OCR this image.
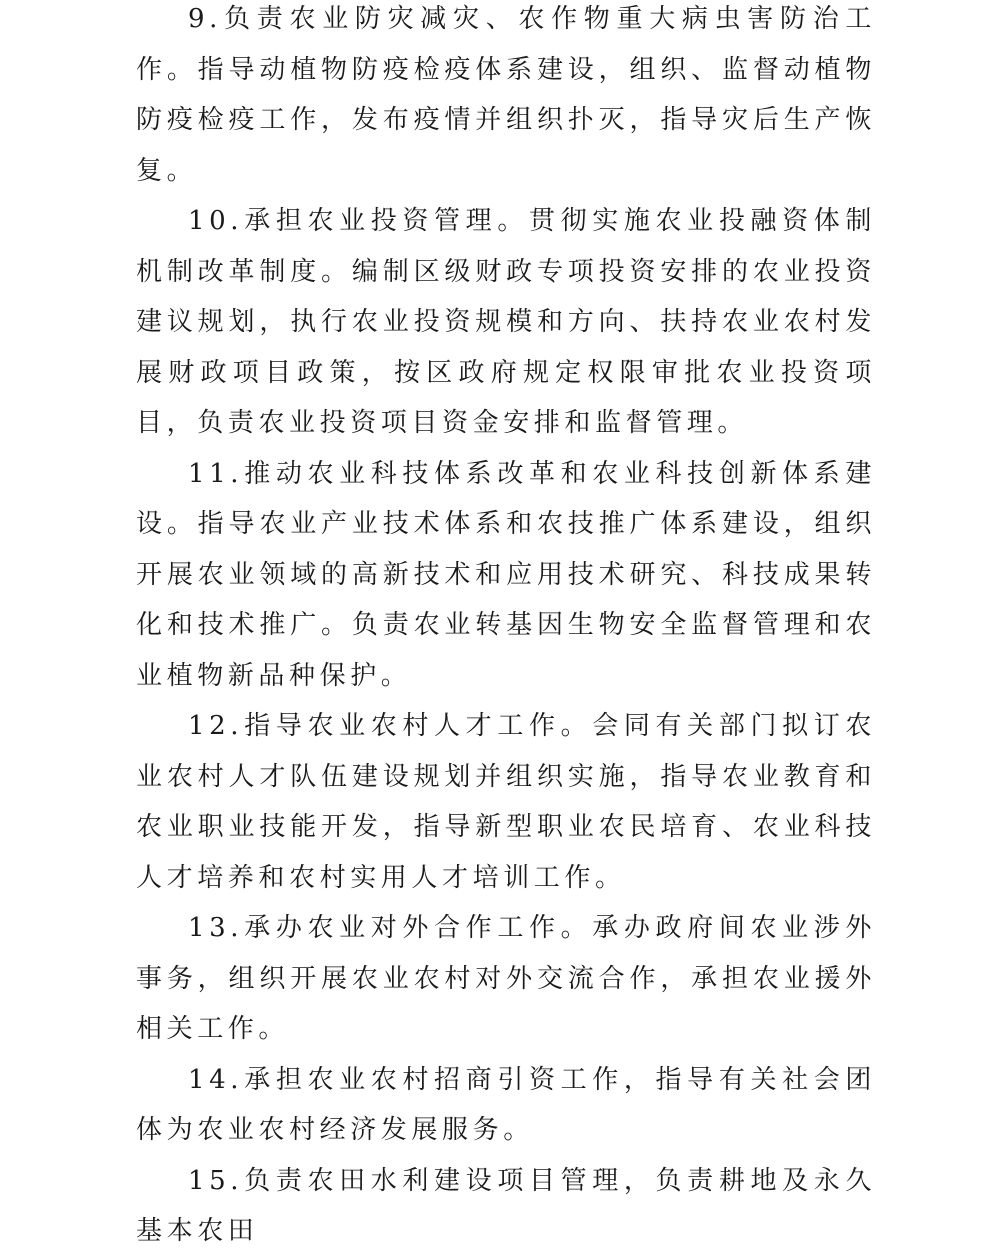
9.负责农业防灾减灾、农作物重大病虫害防治工作。指导动植物防疫检疫体系建设，组织、监督动植物防疫检疫工作，发布疫情并组织扑灭，指导灾后生产恢复。

10.承担农业投资管理。贯彻实施农业投融资体制机制改革制度。编制区级财政专项投资安排的农业投资建议规划，执行农业投资规模和方向、扶持农业农村发展财政项目政策，按区政府规定权限审批农业投资项目，负责农业投资项目资金安排和监督管理。

11.推动农业科技体系改革和农业科技创新体系建设。指导农业产业技术体系和农技推广体系建设，组织开展农业领域的高新技术和应用技术研究、科技成果转化和技术推广。负责农业转基因生物安全监督管理和农业植物新品种保护。

12.指导农业农村人才工作。会同有关部门拟订农业农村人才队伍建设规划并组织实施，指导农业教育和农业职业技能开发，指导新型职业农民培育、农业科技人才培养和农村实用人才培训工作。

13.承办农业对外合作工作。承办政府间农业涉外事务，组织开展农业农村对外交流合作，承担农业援外相关工作。

14.承担农业农村招商引资工作，指导有关社会团体为农业农村经济发展服务。

15.负责农田水利建设项目管理，负责耕地及永久基本农田
